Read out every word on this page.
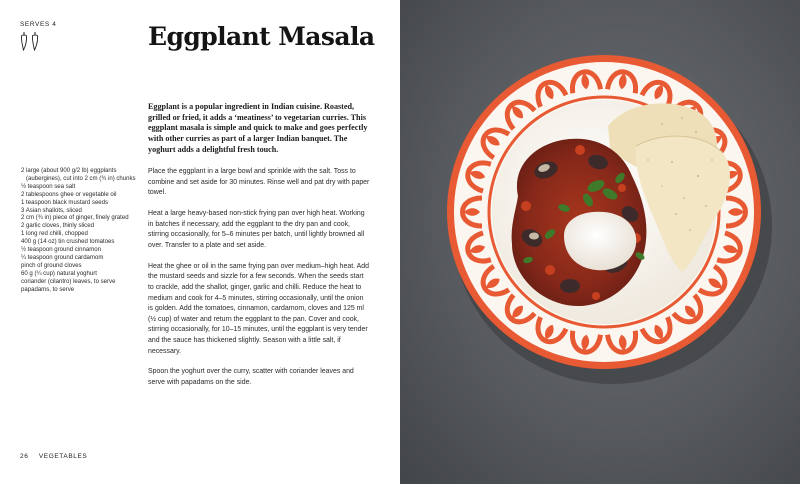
SERVES 4	Eggplant Masala

Eggplant is a popular ingredient in Indian cuisine. Roasted, grilled or fried, it adds a ‘meatiness’ to vegetarian curries. This eggplant masala is simple and quick to make and goes perfectly with other curries as part of a larger Indian banquet. The yoghurt adds a delightful fresh touch.

2 large (about 900 g/2 lb) eggplants (aubergines), cut into 2 cm (¾ in) chunks
½ teaspoon sea salt
2 tablespoons ghee or vegetable oil
1 teaspoon black mustard seeds
3 Asian shallots, sliced
2 cm (¾ in) piece of ginger, finely grated
2 garlic cloves, thinly sliced
1 long red chilli, chopped
400 g (14 oz) tin crushed tomatoes
½ teaspoon ground cinnamon
¼ teaspoon ground cardamom
pinch of ground cloves
60 g (¼ cup) natural yoghurt
coriander (cilantro) leaves, to serve
papadams, to serve

Place the eggplant in a large bowl and sprinkle with the salt. Toss to combine and set aside for 30 minutes. Rinse well and pat dry with paper towel.

Heat a large heavy-based non-stick frying pan over high heat. Working in batches if necessary, add the eggplant to the dry pan and cook, stirring occasionally, for 5–6 minutes per batch, until lightly browned all over. Transfer to a plate and set aside.

Heat the ghee or oil in the same frying pan over medium–high heat. Add the mustard seeds and sizzle for a few seconds. When the seeds start to crackle, add the shallot, ginger, garlic and chilli. Reduce the heat to medium and cook for 4–5 minutes, stirring occasionally, until the onion is golden. Add the tomatoes, cinnamon, cardamom, cloves and 125 ml (½ cup) of water and return the eggplant to the pan. Cover and cook, stirring occasionally, for 10–15 minutes, until the eggplant is very tender and the sauce has thickened slightly. Season with a little salt, if necessary.

Spoon the yoghurt over the curry, scatter with coriander leaves and serve with papadams on the side.

26 VEGETABLES
